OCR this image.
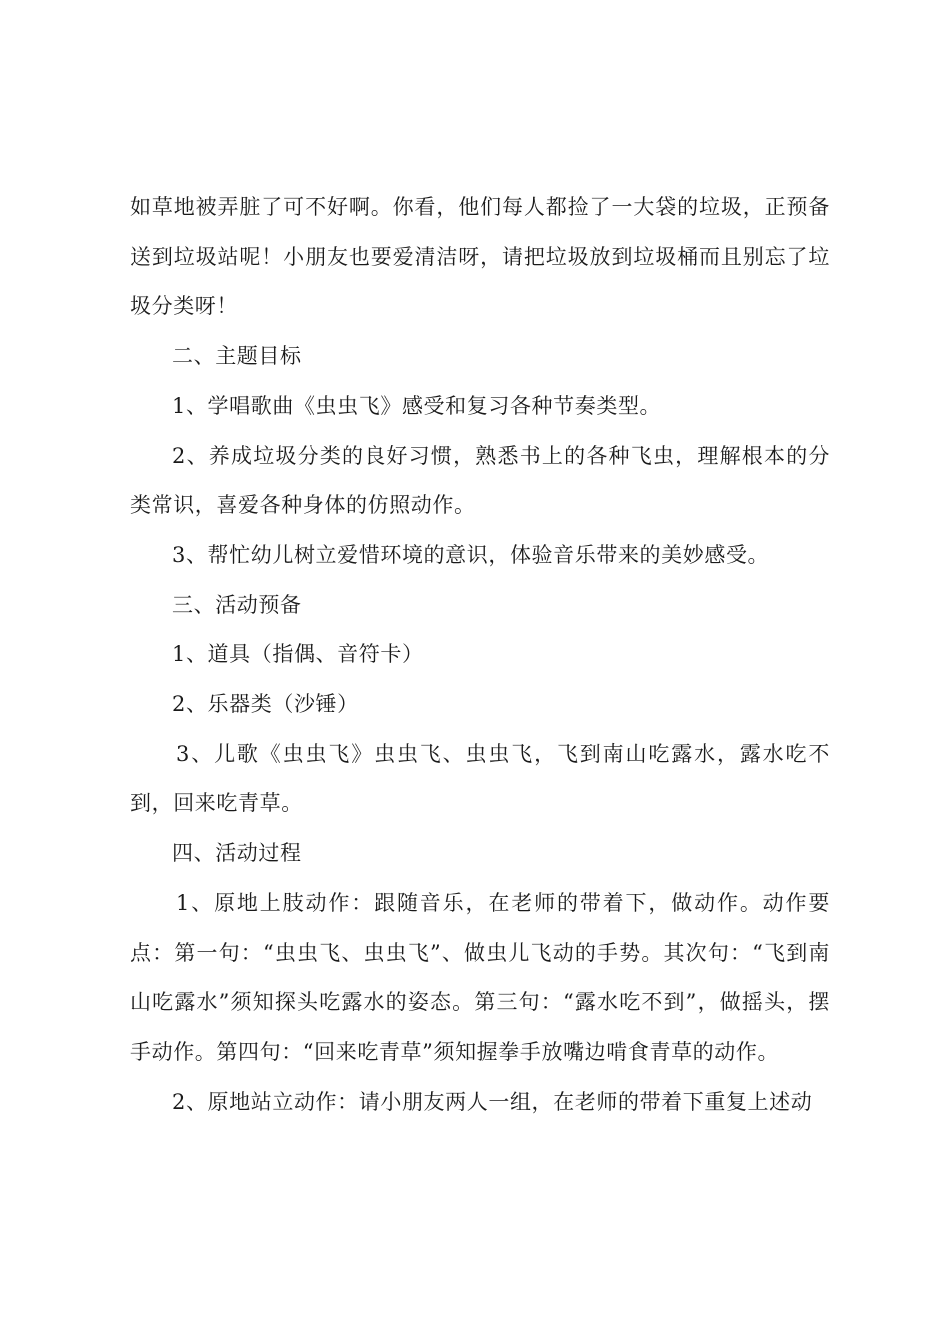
如草地被弄脏了可不好啊。你看，他们每人都捡了一大袋的垃圾，正预备送到垃圾站呢！小朋友也要爱清洁呀，请把垃圾放到垃圾桶而且别忘了垃圾分类呀！

二、主题目标

1、学唱歌曲《虫虫飞》感受和复习各种节奏类型。

2、养成垃圾分类的良好习惯，熟悉书上的各种飞虫，理解根本的分类常识，喜爱各种身体的仿照动作。

3、帮忙幼儿树立爱惜环境的意识，体验音乐带来的美妙感受。

三、活动预备

1、道具（指偶、音符卡）

2、乐器类（沙锤）

3、儿歌《虫虫飞》虫虫飞、虫虫飞，飞到南山吃露水，露水吃不到，回来吃青草。

四、活动过程

1、原地上肢动作：跟随音乐，在老师的带着下，做动作。动作要点：第一句：“虫虫飞、虫虫飞”、做虫儿飞动的手势。其次句：“飞到南山吃露水”须知探头吃露水的姿态。第三句：“露水吃不到”，做摇头，摆手动作。第四句：“回来吃青草”须知握拳手放嘴边啃食青草的动作。

2、原地站立动作：请小朋友两人一组，在老师的带着下重复上述动
